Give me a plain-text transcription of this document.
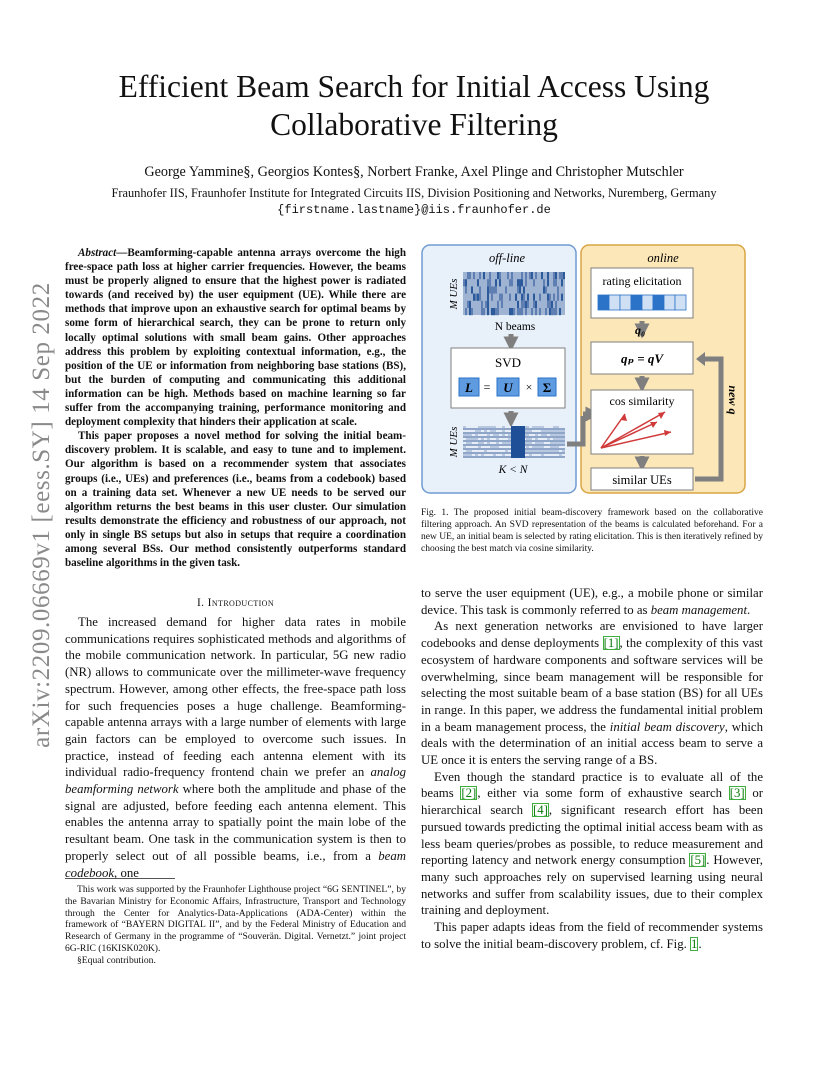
arXiv:2209.06669v1 [eess.SY] 14 Sep 2022
Efficient Beam Search for Initial Access Using
Collaborative Filtering
George Yammine§, Georgios Kontes§, Norbert Franke, Axel Plinge and Christopher Mutschler
Fraunhofer IIS, Fraunhofer Institute for Integrated Circuits IIS, Division Positioning and Networks, Nuremberg, Germany
{firstname.lastname}@iis.fraunhofer.de

Abstract—Beamforming-capable antenna arrays overcome the high free-space path loss at higher carrier frequencies. However, the beams must be properly aligned to ensure that the highest power is radiated towards (and received by) the user equipment (UE). While there are methods that improve upon an exhaustive search for optimal beams by some form of hierarchical search, they can be prone to return only locally optimal solutions with small beam gains. Other approaches address this problem by exploiting contextual information, e.g., the position of the UE or information from neighboring base stations (BS), but the burden of computing and communicating this additional information can be high. Methods based on machine learning so far suffer from the accompanying training, performance monitoring and deployment complexity that hinders their application at scale.

This paper proposes a novel method for solving the initial beam-discovery problem. It is scalable, and easy to tune and to implement. Our algorithm is based on a recommender system that associates groups (i.e., UEs) and preferences (i.e., beams from a codebook) based on a training data set. Whenever a new UE needs to be served our algorithm returns the best beams in this user cluster. Our simulation results demonstrate the efficiency and robustness of our approach, not only in single BS setups but also in setups that require a coordination among several BSs. Our method consistently outperforms standard baseline algorithms in the given task.

I. Introduction

The increased demand for higher data rates in mobile communications requires sophisticated methods and algorithms of the mobile communication network. In particular, 5G new radio (NR) allows to communicate over the millimeter-wave frequency spectrum. However, among other effects, the free-space path loss for such frequencies poses a huge challenge. Beamforming-capable antenna arrays with a large number of elements with large gain factors can be employed to overcome such issues. In practice, instead of feeding each antenna element with its individual radio-frequency frontend chain we prefer an analog beamforming network where both the amplitude and phase of the signal are adjusted, before feeding each antenna element. This enables the antenna array to spatially point the main lobe of the resultant beam. One task in the communication system is then to properly select out of all possible beams, i.e., from a beam codebook, one

This work was supported by the Fraunhofer Lighthouse project “6G SENTINEL”, by the Bavarian Ministry for Economic Affairs, Infrastructure, Transport and Technology through the Center for Analytics-Data-Applications (ADA-Center) within the framework of “BAYERN DIGITAL II”, and by the Federal Ministry of Education and Research of Germany in the programme of “Souverän. Digital. Vernetzt.” joint project 6G-RIC (16KISK020K).

§Equal contribution.

off-line	online
M UEs
N beams
SVD
L = U × Σ
M UEs
K < N
rating elicitation
q₀
qₚ = qV
cos similarity
similar UEs
new q
Fig. 1. The proposed initial beam-discovery framework based on the collaborative filtering approach. An SVD representation of the beams is calculated beforehand. For a new UE, an initial beam is selected by rating elicitation. This is then iteratively refined by choosing the best match via cosine similarity.

to serve the user equipment (UE), e.g., a mobile phone or similar device. This task is commonly referred to as beam management.

As next generation networks are envisioned to have larger codebooks and dense deployments [1], the complexity of this vast ecosystem of hardware components and software services will be overwhelming, since beam management will be responsible for selecting the most suitable beam of a base station (BS) for all UEs in range. In this paper, we address the fundamental initial problem in a beam management process, the initial beam discovery, which deals with the determination of an initial access beam to serve a UE once it is enters the serving range of a BS.

Even though the standard practice is to evaluate all of the beams [2], either via some form of exhaustive search [3] or hierarchical search [4], significant research effort has been pursued towards predicting the optimal initial access beam with as less beam queries/probes as possible, to reduce measurement and reporting latency and network energy consumption [5]. However, many such approaches rely on supervised learning using neural networks and suffer from scalability issues, due to their complex training and deployment.

This paper adapts ideas from the field of recommender systems to solve the initial beam-discovery problem, cf. Fig. 1.
